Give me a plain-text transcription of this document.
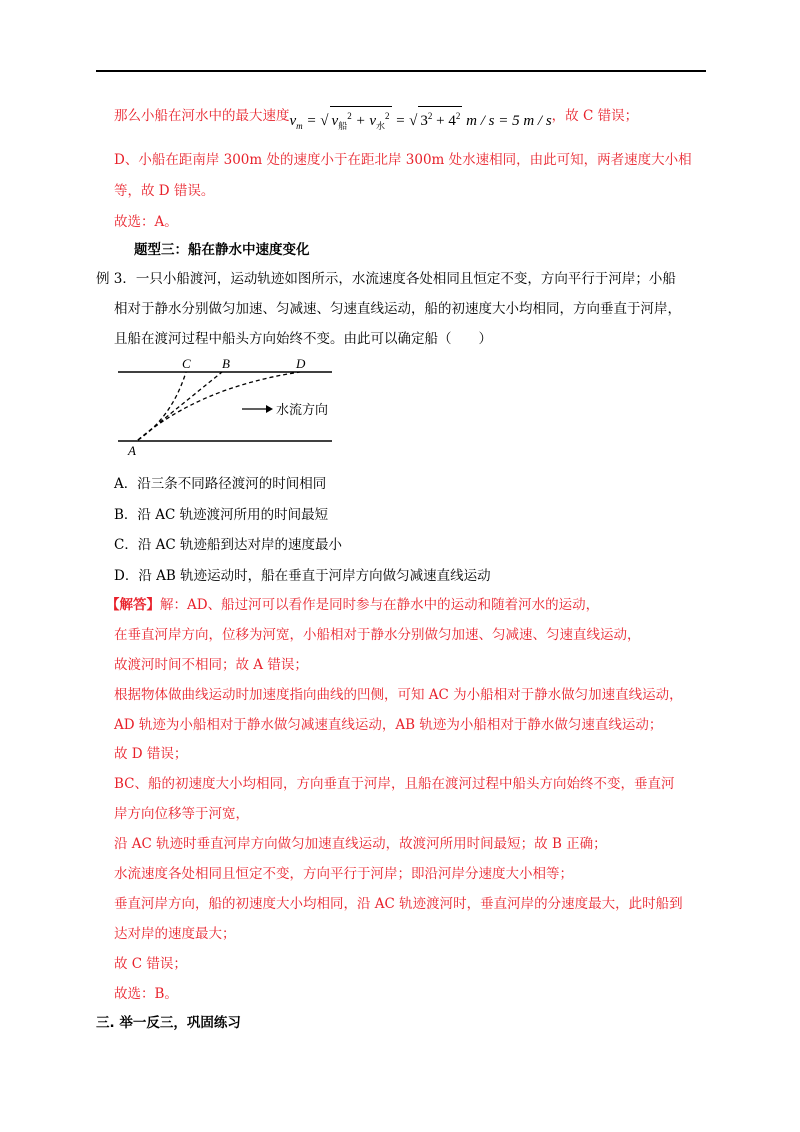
那么小船在河水中的最大速度$v_m$ = √ $v_船^2 + v_水^2$ = √ $3^2 + 4^2$ m / s = 5 m / s，故 C 错误；
D、小船在距南岸 300m 处的速度小于在距北岸 300m 处水速相同，由此可知，两者速度大小相
等，故 D 错误。
故选：A。
题型三：船在静水中速度变化
例 3．一只小船渡河，运动轨迹如图所示，水流速度各处相同且恒定不变，方向平行于河岸；小船
相对于静水分别做匀加速、匀减速、匀速直线运动，船的初速度大小均相同，方向垂直于河岸，
且船在渡河过程中船头方向始终不变。由此可以确定船（　　）
C B	D
A
水流方向
A．沿三条不同路径渡河的时间相同
B．沿 AC 轨迹渡河所用的时间最短
C．沿 AC 轨迹船到达对岸的速度最小
D．沿 AB 轨迹运动时，船在垂直于河岸方向做匀减速直线运动
【解答】解：AD、船过河可以看作是同时参与在静水中的运动和随着河水的运动，
在垂直河岸方向，位移为河宽，小船相对于静水分别做匀加速、匀减速、匀速直线运动，
故渡河时间不相同；故 A 错误；
根据物体做曲线运动时加速度指向曲线的凹侧，可知 AC 为小船相对于静水做匀加速直线运动，
AD 轨迹为小船相对于静水做匀减速直线运动，AB 轨迹为小船相对于静水做匀速直线运动；
故 D 错误；
BC、船的初速度大小均相同，方向垂直于河岸，且船在渡河过程中船头方向始终不变，垂直河
岸方向位移等于河宽，
沿 AC 轨迹时垂直河岸方向做匀加速直线运动，故渡河所用时间最短；故 B 正确；
水流速度各处相同且恒定不变，方向平行于河岸；即沿河岸分速度大小相等；
垂直河岸方向，船的初速度大小均相同，沿 AC 轨迹渡河时，垂直河岸的分速度最大，此时船到
达对岸的速度最大；
故 C 错误；
故选：B。
三. 举一反三，巩固练习
